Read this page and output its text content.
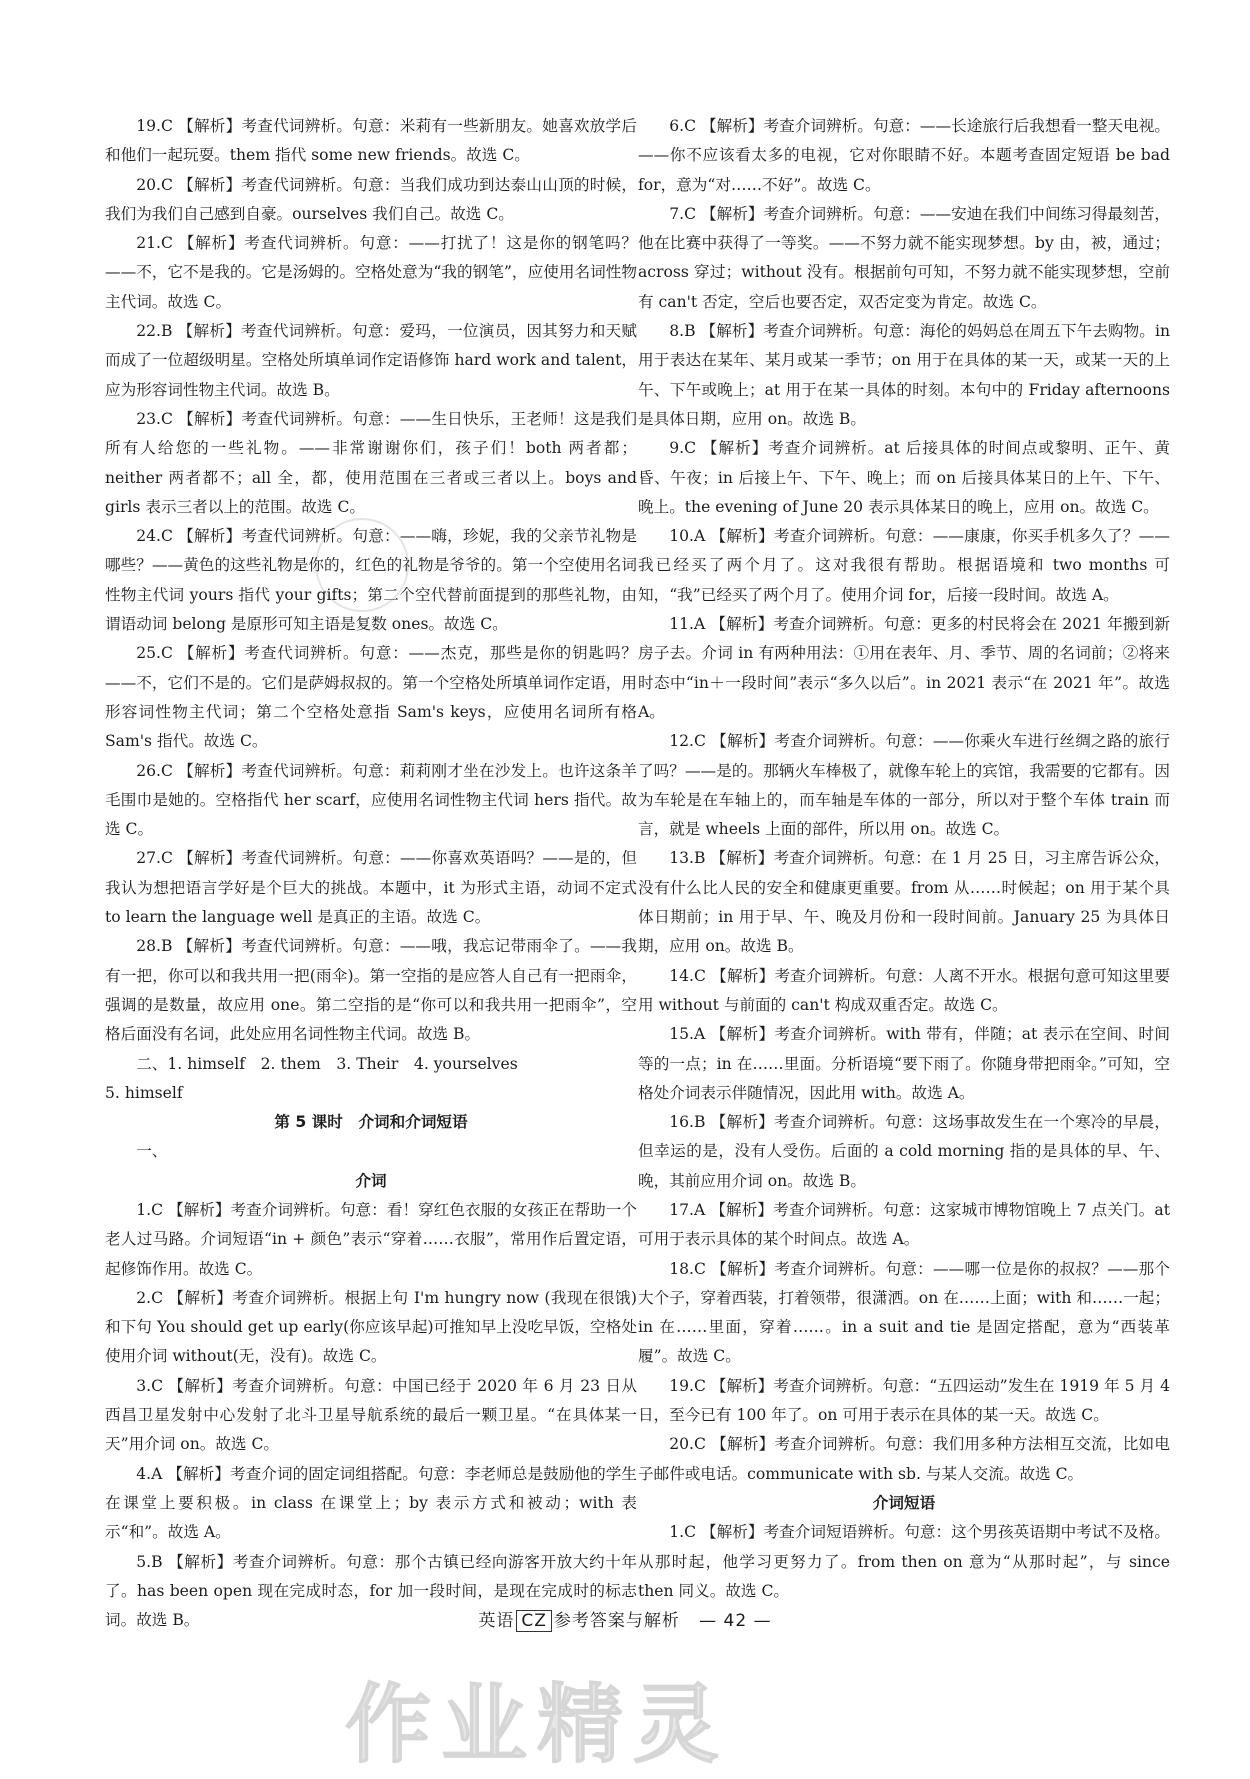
19.C 【解析】考查代词辨析。句意：米莉有一些新朋友。她喜欢放学后和他们一起玩耍。them 指代 some new friends。故选 C。

20.C 【解析】考查代词辨析。句意：当我们成功到达泰山山顶的时候，我们为我们自己感到自豪。ourselves 我们自己。故选 C。

21.C 【解析】考查代词辨析。句意：——打扰了！这是你的钢笔吗？——不，它不是我的。它是汤姆的。空格处意为“我的钢笔”，应使用名词性物主代词。故选 C。

22.B 【解析】考查代词辨析。句意：爱玛，一位演员，因其努力和天赋而成了一位超级明星。空格处所填单词作定语修饰 hard work and talent，应为形容词性物主代词。故选 B。

23.C 【解析】考查代词辨析。句意：——生日快乐，王老师！这是我们所有人给您的一些礼物。——非常谢谢你们，孩子们！both 两者都；neither 两者都不；all 全，都，使用范围在三者或三者以上。boys and girls 表示三者以上的范围。故选 C。

24.C 【解析】考查代词辨析。句意：——嗨，珍妮，我的父亲节礼物是哪些？——黄色的这些礼物是你的，红色的礼物是爷爷的。第一个空使用名词性物主代词 yours 指代 your gifts；第二个空代替前面提到的那些礼物，由谓语动词 belong 是原形可知主语是复数 ones。故选 C。

25.C 【解析】考查代词辨析。句意：——杰克，那些是你的钥匙吗？——不，它们不是的。它们是萨姆叔叔的。第一个空格处所填单词作定语，用形容词性物主代词；第二个空格处意指 Sam's keys，应使用名词所有格 Sam's 指代。故选 C。

26.C 【解析】考查代词辨析。句意：莉莉刚才坐在沙发上。也许这条羊毛围巾是她的。空格指代 her scarf，应使用名词性物主代词 hers 指代。故选 C。

27.C 【解析】考查代词辨析。句意：——你喜欢英语吗？——是的，但我认为想把语言学好是个巨大的挑战。本题中，it 为形式主语，动词不定式 to learn the language well 是真正的主语。故选 C。

28.B 【解析】考查代词辨析。句意：——哦，我忘记带雨伞了。——我有一把，你可以和我共用一把(雨伞)。第一空指的是应答人自己有一把雨伞，强调的是数量，故应用 one。第二空指的是“你可以和我共用一把雨伞”，空格后面没有名词，此处应用名词性物主代词。故选 B。

二、1. himself　2. them　3. Their　4. yourselves

5. himself

第 5 课时　介词和介词短语

一、

介词

1.C 【解析】考查介词辨析。句意：看！穿红色衣服的女孩正在帮助一个老人过马路。介词短语“in + 颜色”表示“穿着……衣服”，常用作后置定语，起修饰作用。故选 C。

2.C 【解析】考查介词辨析。根据上句 I'm hungry now (我现在很饿)和下句 You should get up early(你应该早起)可推知早上没吃早饭，空格处使用介词 without(无，没有)。故选 C。

3.C 【解析】考查介词辨析。句意：中国已经于 2020 年 6 月 23 日从西昌卫星发射中心发射了北斗卫星导航系统的最后一颗卫星。“在具体某一天”用介词 on。故选 C。

4.A 【解析】考查介词的固定词组搭配。句意：李老师总是鼓励他的学生在课堂上要积极。in class 在课堂上；by 表示方式和被动；with 表示“和”。故选 A。

5.B 【解析】考查介词辨析。句意：那个古镇已经向游客开放大约十年了。has been open 现在完成时态，for 加一段时间，是现在完成时的标志词。故选 B。

6.C 【解析】考查介词辨析。句意：——长途旅行后我想看一整天电视。——你不应该看太多的电视，它对你眼睛不好。本题考查固定短语 be bad for，意为“对……不好”。故选 C。

7.C 【解析】考查介词辨析。句意：——安迪在我们中间练习得最刻苦，他在比赛中获得了一等奖。——不努力就不能实现梦想。by 由，被，通过；across 穿过；without 没有。根据前句可知，不努力就不能实现梦想，空前有 can't 否定，空后也要否定，双否定变为肯定。故选 C。

8.B 【解析】考查介词辨析。句意：海伦的妈妈总在周五下午去购物。in 用于表达在某年、某月或某一季节；on 用于在具体的某一天，或某一天的上午、下午或晚上；at 用于在某一具体的时刻。本句中的 Friday afternoons 是具体日期，应用 on。故选 B。

9.C 【解析】考查介词辨析。at 后接具体的时间点或黎明、正午、黄昏、午夜；in 后接上午、下午、晚上；而 on 后接具体某日的上午、下午、晚上。the evening of June 20 表示具体某日的晚上，应用 on。故选 C。

10.A 【解析】考查介词辨析。句意：——康康，你买手机多久了？——我已经买了两个月了。这对我很有帮助。根据语境和 two months 可知，“我”已经买了两个月了。使用介词 for，后接一段时间。故选 A。

11.A 【解析】考查介词辨析。句意：更多的村民将会在 2021 年搬到新房子去。介词 in 有两种用法：①用在表年、月、季节、周的名词前；②将来时态中“in＋一段时间”表示“多久以后”。in 2021 表示“在 2021 年”。故选 A。

12.C 【解析】考查介词辨析。句意：——你乘火车进行丝绸之路的旅行了吗？——是的。那辆火车棒极了，就像车轮上的宾馆，我需要的它都有。因为车轮是在车轴上的，而车轴是车体的一部分，所以对于整个车体 train 而言，就是 wheels 上面的部件，所以用 on。故选 C。

13.B 【解析】考查介词辨析。句意：在 1 月 25 日，习主席告诉公众，没有什么比人民的安全和健康更重要。from 从……时候起；on 用于某个具体日期前；in 用于早、午、晚及月份和一段时间前。January 25 为具体日期，应用 on。故选 B。

14.C 【解析】考查介词辨析。句意：人离不开水。根据句意可知这里要用 without 与前面的 can't 构成双重否定。故选 C。

15.A 【解析】考查介词辨析。with 带有，伴随；at 表示在空间、时间等的一点；in 在……里面。分析语境“要下雨了。你随身带把雨伞。”可知，空格处介词表示伴随情况，因此用 with。故选 A。

16.B 【解析】考查介词辨析。句意：这场事故发生在一个寒冷的早晨，但幸运的是，没有人受伤。后面的 a cold morning 指的是具体的早、午、晚，其前应用介词 on。故选 B。

17.A 【解析】考查介词辨析。句意：这家城市博物馆晚上 7 点关门。at 可用于表示具体的某个时间点。故选 A。

18.C 【解析】考查介词辨析。句意：——哪一位是你的叔叔？——那个大个子，穿着西装，打着领带，很潇洒。on 在……上面；with 和……一起；in 在……里面，穿着……。in a suit and tie 是固定搭配，意为“西装革履”。故选 C。

19.C 【解析】考查介词辨析。句意：“五四运动”发生在 1919 年 5 月 4 日，至今已有 100 年了。on 可用于表示在具体的某一天。故选 C。

20.C 【解析】考查介词辨析。句意：我们用多种方法相互交流，比如电子邮件或电话。communicate with sb. 与某人交流。故选 C。

介词短语

1.C 【解析】考查介词短语辨析。句意：这个男孩英语期中考试不及格。从那时起，他学习更努力了。from then on 意为“从那时起”，与 since then 同义。故选 C。

英语 CZ 参考答案与解析 — 42 —
作业精灵
